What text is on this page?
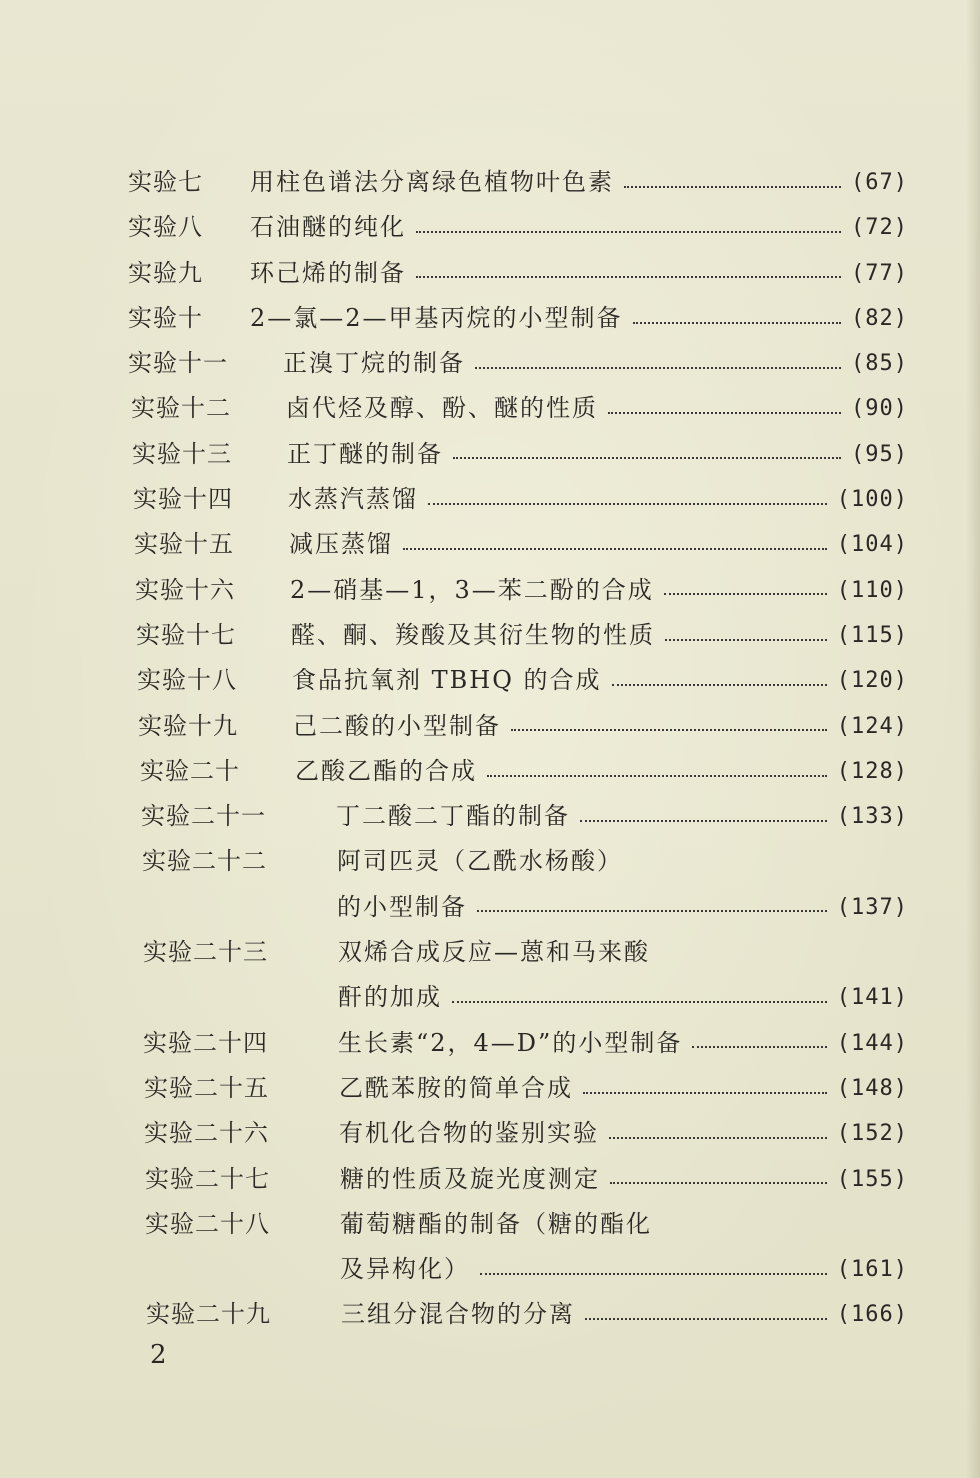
实验七	用柱色谱法分离绿色植物叶色素	(67)
实验八	石油醚的纯化	(72)
实验九	环己烯的制备	(77)
实验十	2—氯—2—甲基丙烷的小型制备	(82)
实验十一	正溴丁烷的制备	(85)
实验十二	卤代烃及醇、酚、醚的性质	(90)
实验十三	正丁醚的制备	(95)
实验十四	水蒸汽蒸馏	(100)
实验十五	减压蒸馏	(104)
实验十六	2—硝基—1，3—苯二酚的合成	(110)
实验十七	醛、酮、羧酸及其衍生物的性质	(115)
实验十八	食品抗氧剂 TBHQ 的合成	(120)
实验十九	己二酸的小型制备	(124)
实验二十	乙酸乙酯的合成	(128)
实验二十一	丁二酸二丁酯的制备	(133)
实验二十二	阿司匹灵（乙酰水杨酸）
的小型制备	(137)
实验二十三	双烯合成反应—蒽和马来酸
酐的加成	(141)
实验二十四	生长素“2，4—D”的小型制备	(144)
实验二十五	乙酰苯胺的简单合成	(148)
实验二十六	有机化合物的鉴别实验	(152)
实验二十七	糖的性质及旋光度测定	(155)
实验二十八	葡萄糖酯的制备（糖的酯化
及异构化）	(161)
实验二十九	三组分混合物的分离	(166)
2
